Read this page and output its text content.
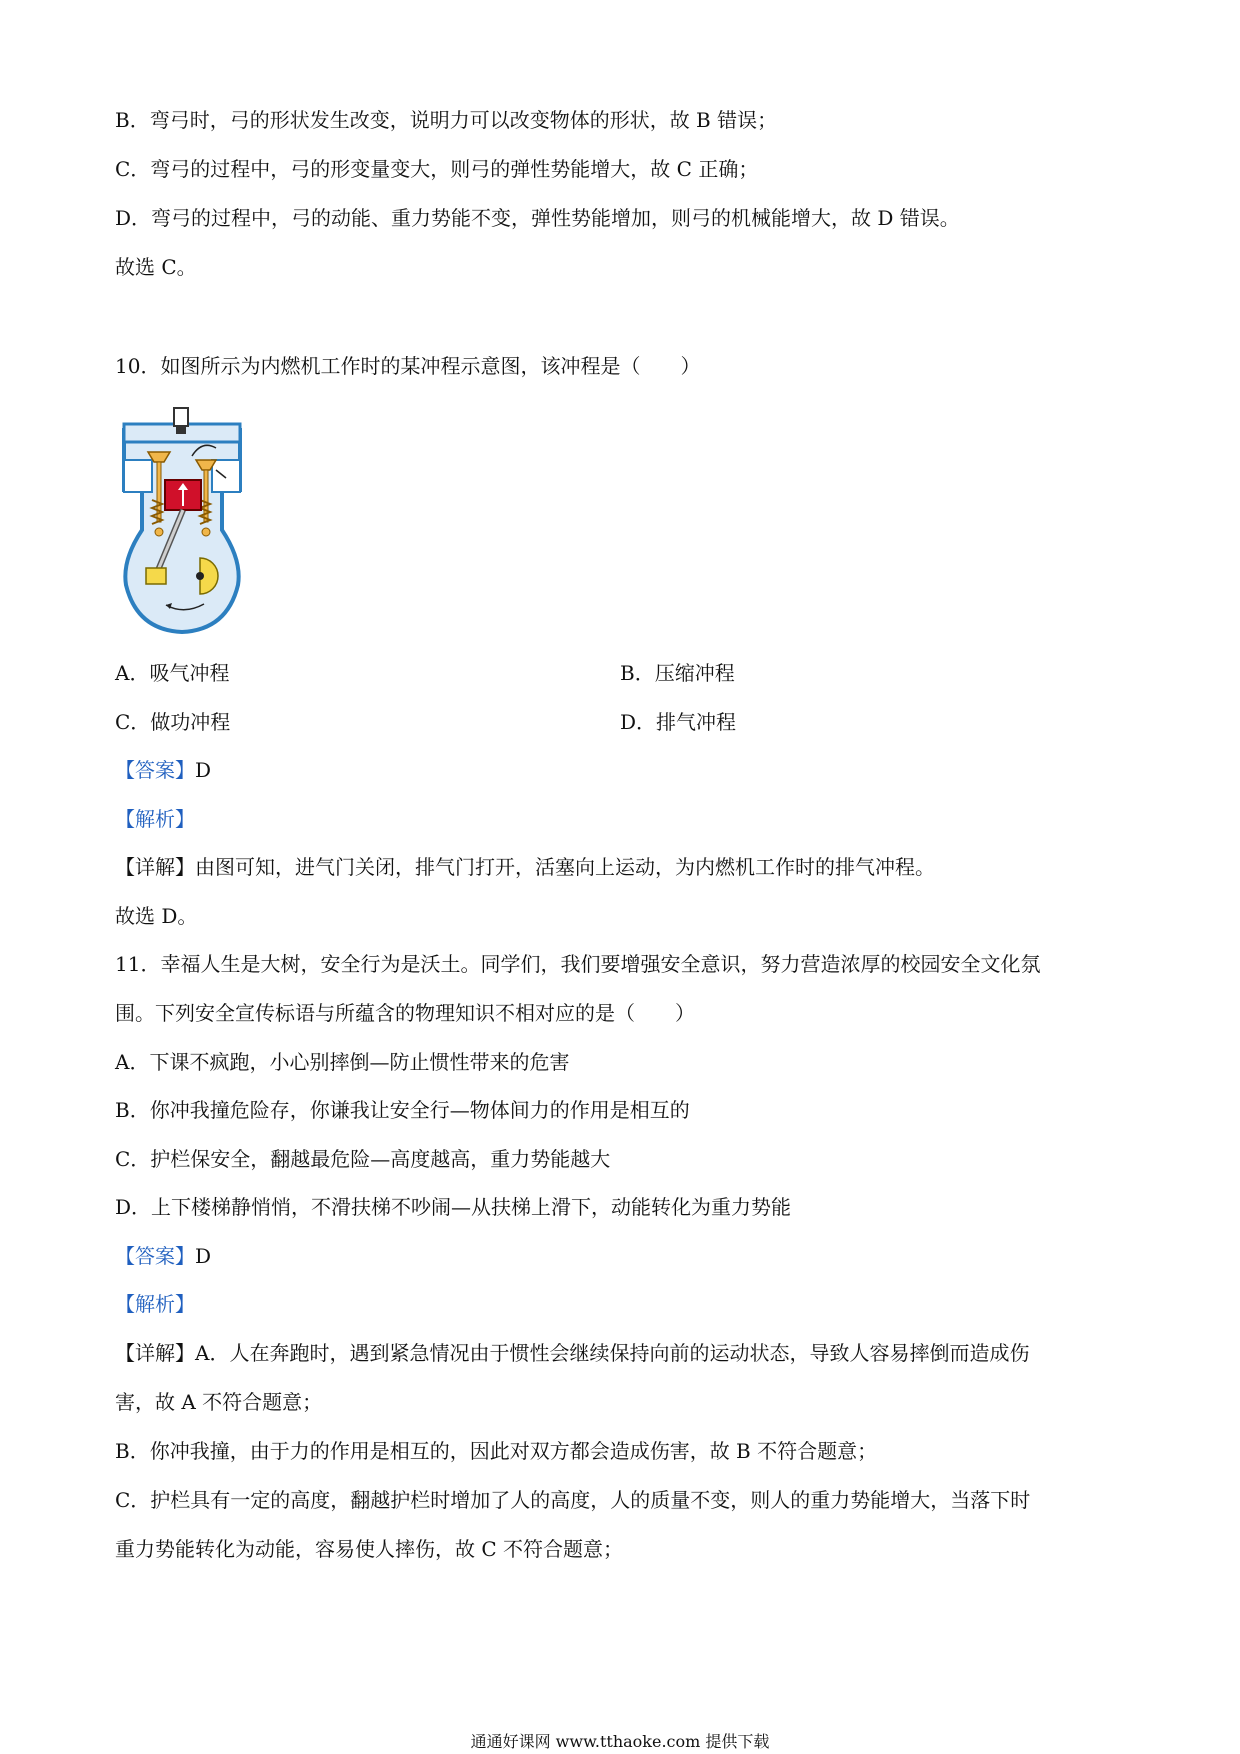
B．弯弓时，弓的形状发生改变，说明力可以改变物体的形状，故 B 错误；
C．弯弓的过程中，弓的形变量变大，则弓的弹性势能增大，故 C 正确；
D．弯弓的过程中，弓的动能、重力势能不变，弹性势能增加，则弓的机械能增大，故 D 错误。
故选 C。
10．如图所示为内燃机工作时的某冲程示意图，该冲程是（　　）
A．吸气冲程	B．压缩冲程
C．做功冲程	D．排气冲程
【答案】D
【解析】
【详解】由图可知，进气门关闭，排气门打开，活塞向上运动，为内燃机工作时的排气冲程。
故选 D。
11．幸福人生是大树，安全行为是沃土。同学们，我们要增强安全意识，努力营造浓厚的校园安全文化氛
围。下列安全宣传标语与所蕴含的物理知识不相对应的是（　　）
A．下课不疯跑，小心别摔倒—防止惯性带来的危害
B．你冲我撞危险存，你谦我让安全行—物体间力的作用是相互的
C．护栏保安全，翻越最危险—高度越高，重力势能越大
D．上下楼梯静悄悄，不滑扶梯不吵闹—从扶梯上滑下，动能转化为重力势能
【答案】D
【解析】
【详解】A．人在奔跑时，遇到紧急情况由于惯性会继续保持向前的运动状态，导致人容易摔倒而造成伤
害，故 A 不符合题意；
B．你冲我撞，由于力的作用是相互的，因此对双方都会造成伤害，故 B 不符合题意；
C．护栏具有一定的高度，翻越护栏时增加了人的高度，人的质量不变，则人的重力势能增大，当落下时
重力势能转化为动能，容易使人摔伤，故 C 不符合题意；
通通好课网 www.tthaoke.com 提供下载
